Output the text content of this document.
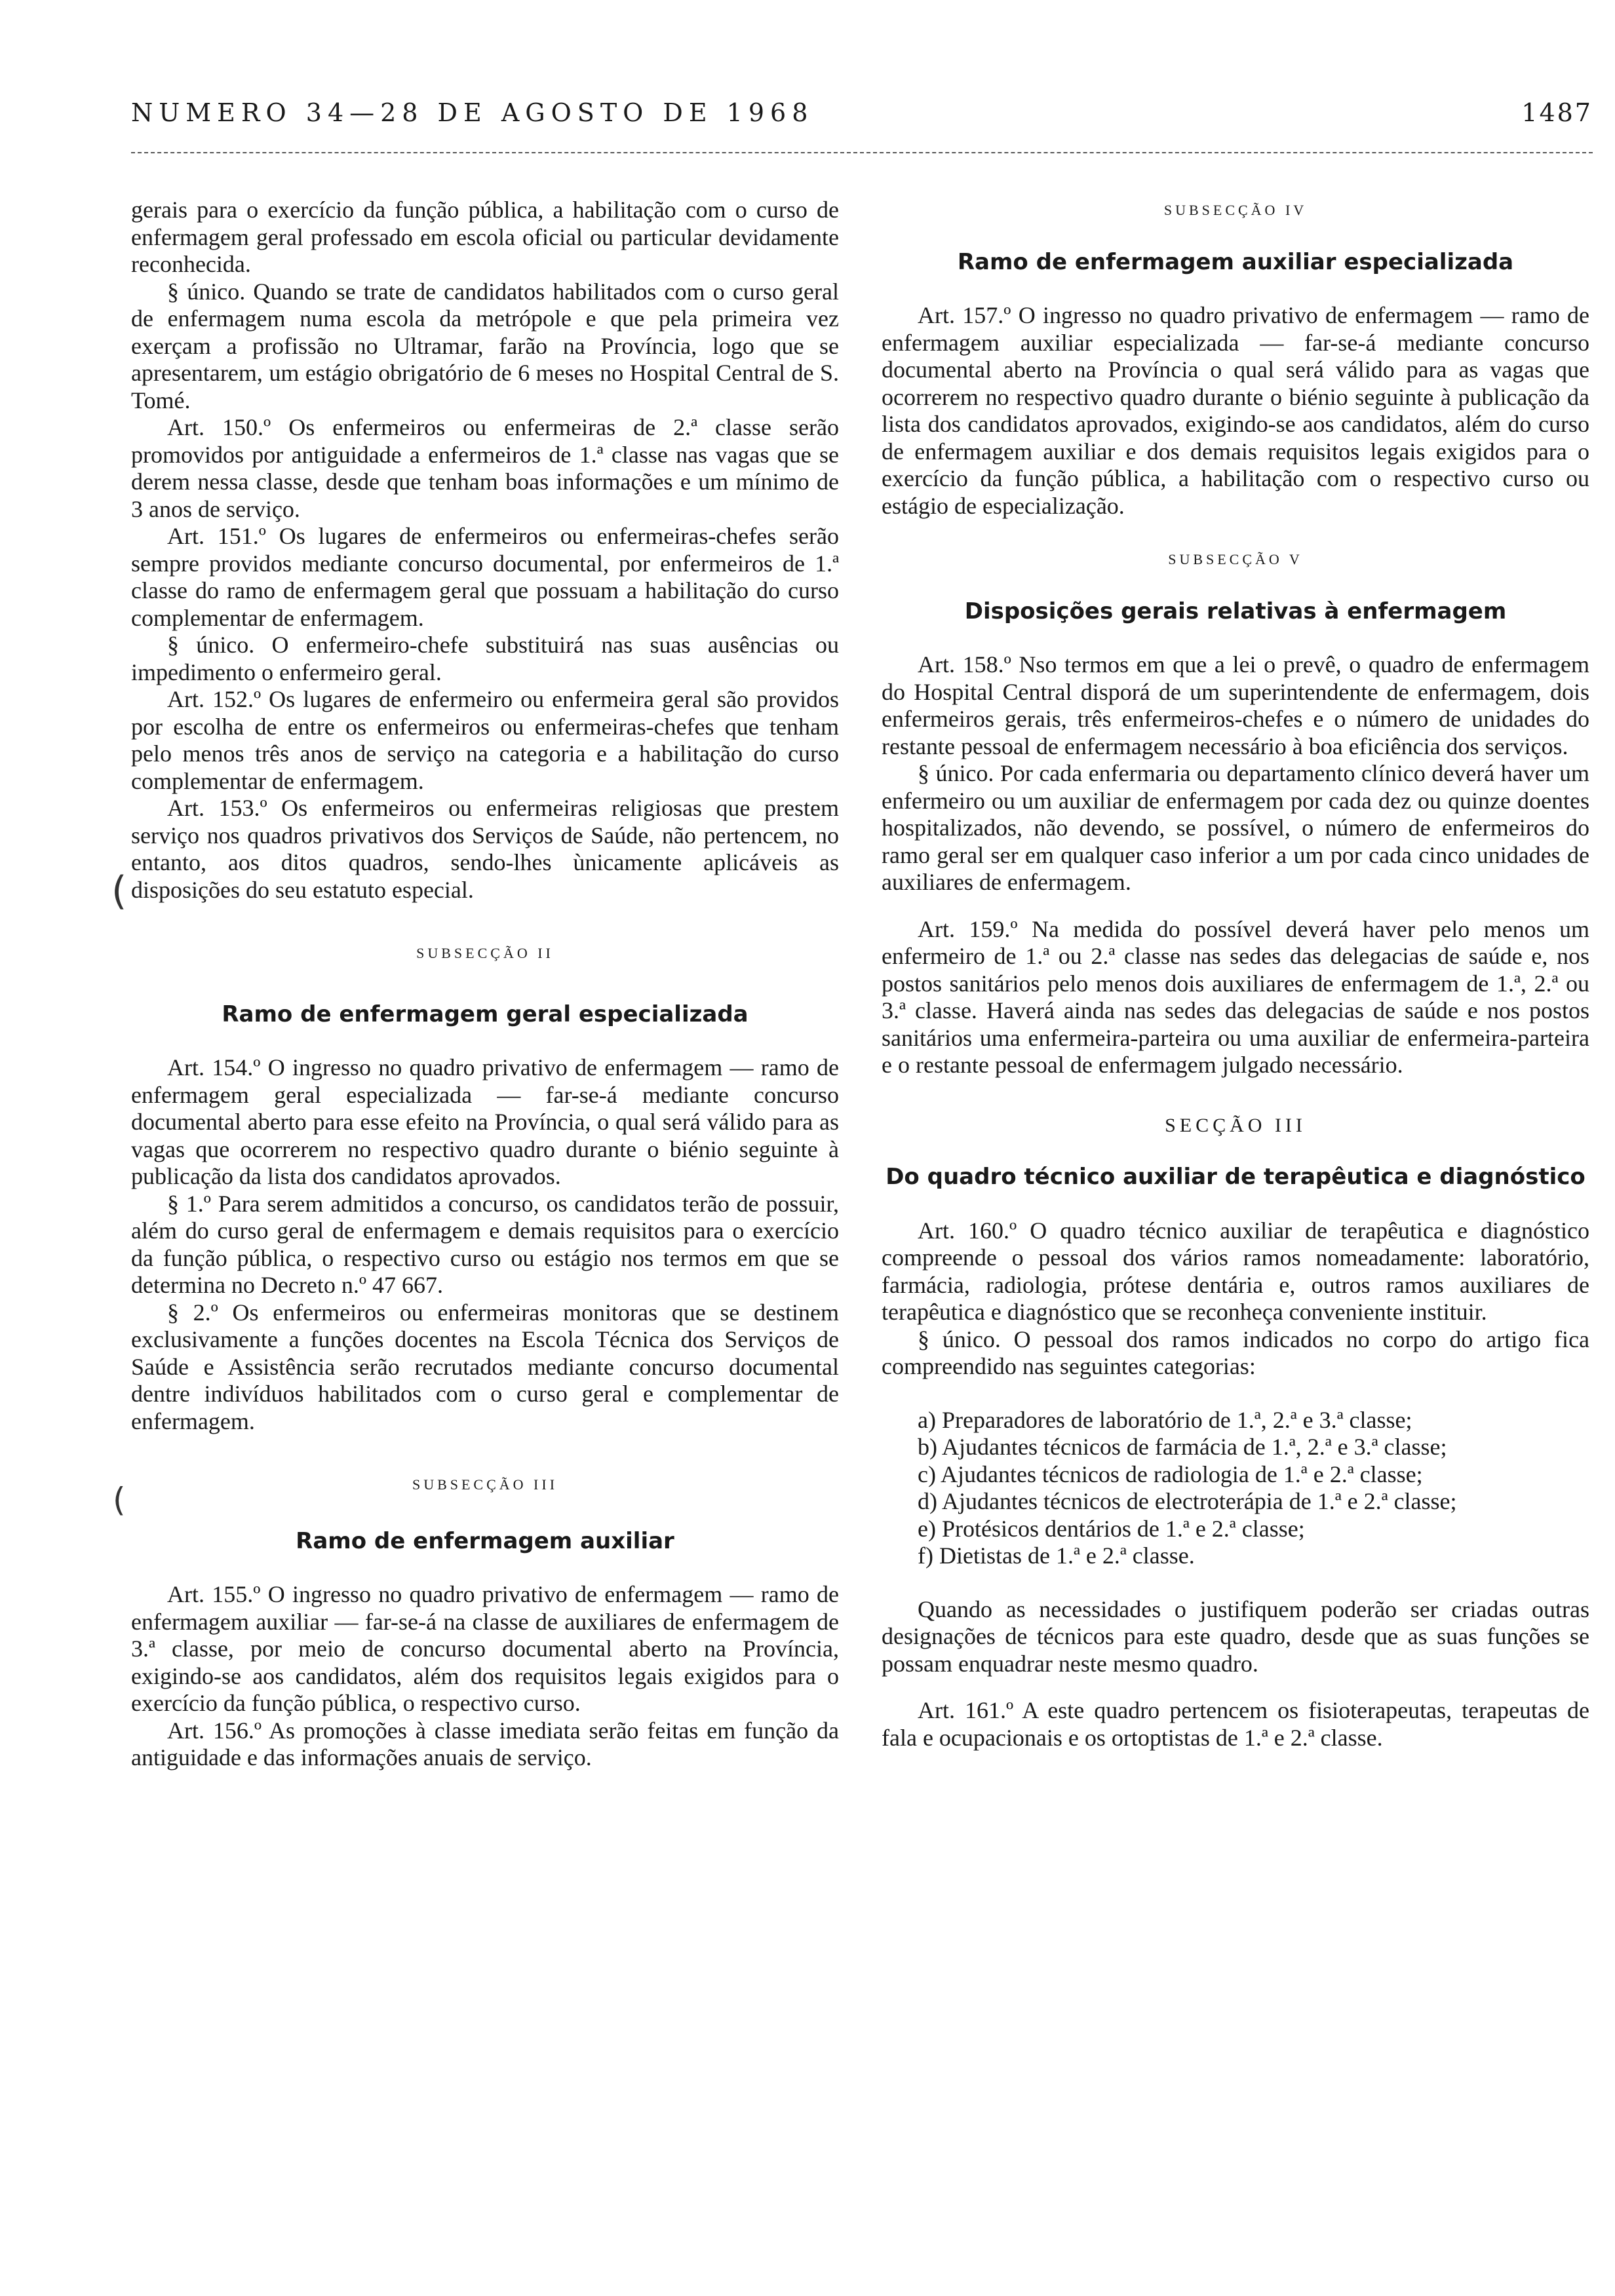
NUMERO 34—28 DE AGOSTO DE 1968	1487
(
(

gerais para o exercício da função pública, a habilitação com o curso de enfermagem geral professado em escola oficial ou particular devidamente reconhecida.

§ único. Quando se trate de candidatos habilitados com o curso geral de enfermagem numa escola da metrópole e que pela primeira vez exerçam a profissão no Ultramar, farão na Província, logo que se apresentarem, um estágio obrigatório de 6 meses no Hospital Central de S. Tomé.

Art. 150.º Os enfermeiros ou enfermeiras de 2.ª classe serão promovidos por antiguidade a enfermeiros de 1.ª classe nas vagas que se derem nessa classe, desde que tenham boas informações e um mínimo de 3 anos de serviço.

Art. 151.º Os lugares de enfermeiros ou enfermeiras-chefes serão sempre providos mediante concurso documental, por enfermeiros de 1.ª classe do ramo de enfermagem geral que possuam a habilitação do curso complementar de enfermagem.

§ único. O enfermeiro-chefe substituirá nas suas ausências ou impedimento o enfermeiro geral.

Art. 152.º Os lugares de enfermeiro ou enfermeira geral são providos por escolha de entre os enfermeiros ou enfermeiras-chefes que tenham pelo menos três anos de serviço na categoria e a habilitação do curso complementar de enfermagem.

Art. 153.º Os enfermeiros ou enfermeiras religiosas que prestem serviço nos quadros privativos dos Serviços de Saúde, não pertencem, no entanto, aos ditos quadros, sendo-lhes ùnicamente aplicáveis as disposições do seu estatuto especial.

SUBSECÇÃO II

Ramo de enfermagem geral especializada

Art. 154.º O ingresso no quadro privativo de enfermagem — ramo de enfermagem geral especializada — far-se-á mediante concurso documental aberto para esse efeito na Província, o qual será válido para as vagas que ocorrerem no respectivo quadro durante o biénio seguinte à publicação da lista dos candidatos aprovados.

§ 1.º Para serem admitidos a concurso, os candidatos terão de possuir, além do curso geral de enfermagem e demais requisitos para o exercício da função pública, o respectivo curso ou estágio nos termos em que se determina no Decreto n.º 47 667.

§ 2.º Os enfermeiros ou enfermeiras monitoras que se destinem exclusivamente a funções docentes na Escola Técnica dos Serviços de Saúde e Assistência serão recrutados mediante concurso documental dentre indivíduos habilitados com o curso geral e complementar de enfermagem.

SUBSECÇÃO III

Ramo de enfermagem auxiliar

Art. 155.º O ingresso no quadro privativo de enfermagem — ramo de enfermagem auxiliar — far-se-á na classe de auxiliares de enfermagem de 3.ª classe, por meio de concurso documental aberto na Província, exigindo-se aos candidatos, além dos requisitos legais exigidos para o exercício da função pública, o respectivo curso.

Art. 156.º As promoções à classe imediata serão feitas em função da antiguidade e das informações anuais de serviço.

SUBSECÇÃO IV

Ramo de enfermagem auxiliar especializada

Art. 157.º O ingresso no quadro privativo de enfermagem — ramo de enfermagem auxiliar especializada — far-se-á mediante concurso documental aberto na Província o qual será válido para as vagas que ocorrerem no respectivo quadro durante o biénio seguinte à publicação da lista dos candidatos aprovados, exigindo-se aos candidatos, além do curso de enfermagem auxiliar e dos demais requisitos legais exigidos para o exercício da função pública, a habilitação com o respectivo curso ou estágio de especialização.

SUBSECÇÃO V

Disposições gerais relativas à enfermagem

Art. 158.º Nso termos em que a lei o prevê, o quadro de enfermagem do Hospital Central disporá de um superintendente de enfermagem, dois enfermeiros gerais, três enfermeiros-chefes e o número de unidades do restante pessoal de enfermagem necessário à boa eficiência dos serviços.

§ único. Por cada enfermaria ou departamento clínico deverá haver um enfermeiro ou um auxiliar de enfermagem por cada dez ou quinze doentes hospitalizados, não devendo, se possível, o número de enfermeiros do ramo geral ser em qualquer caso inferior a um por cada cinco unidades de auxiliares de enfermagem.

Art. 159.º Na medida do possível deverá haver pelo menos um enfermeiro de 1.ª ou 2.ª classe nas sedes das delegacias de saúde e, nos postos sanitários pelo menos dois auxiliares de enfermagem de 1.ª, 2.ª ou 3.ª classe. Haverá ainda nas sedes das delegacias de saúde e nos postos sanitários uma enfermeira-parteira ou uma auxiliar de enfermeira-parteira e o restante pessoal de enfermagem julgado necessário.

SECÇÃO III

Do quadro técnico auxiliar de terapêutica e diagnóstico

Art. 160.º O quadro técnico auxiliar de terapêutica e diagnóstico compreende o pessoal dos vários ramos nomeadamente: laboratório, farmácia, radiologia, prótese dentária e, outros ramos auxiliares de terapêutica e diagnóstico que se reconheça conveniente instituir.

§ único. O pessoal dos ramos indicados no corpo do artigo fica compreendido nas seguintes categorias:

a) Preparadores de laboratório de 1.ª, 2.ª e 3.ª classe;

b) Ajudantes técnicos de farmácia de 1.ª, 2.ª e 3.ª classe;

c) Ajudantes técnicos de radiologia de 1.ª e 2.ª classe;

d) Ajudantes técnicos de electroterápia de 1.ª e 2.ª classe;

e) Protésicos dentários de 1.ª e 2.ª classe;

f) Dietistas de 1.ª e 2.ª classe.

Quando as necessidades o justifiquem poderão ser criadas outras designações de técnicos para este quadro, desde que as suas funções se possam enquadrar neste mesmo quadro.

Art. 161.º A este quadro pertencem os fisioterapeutas, terapeutas de fala e ocupacionais e os ortoptistas de 1.ª e 2.ª classe.
